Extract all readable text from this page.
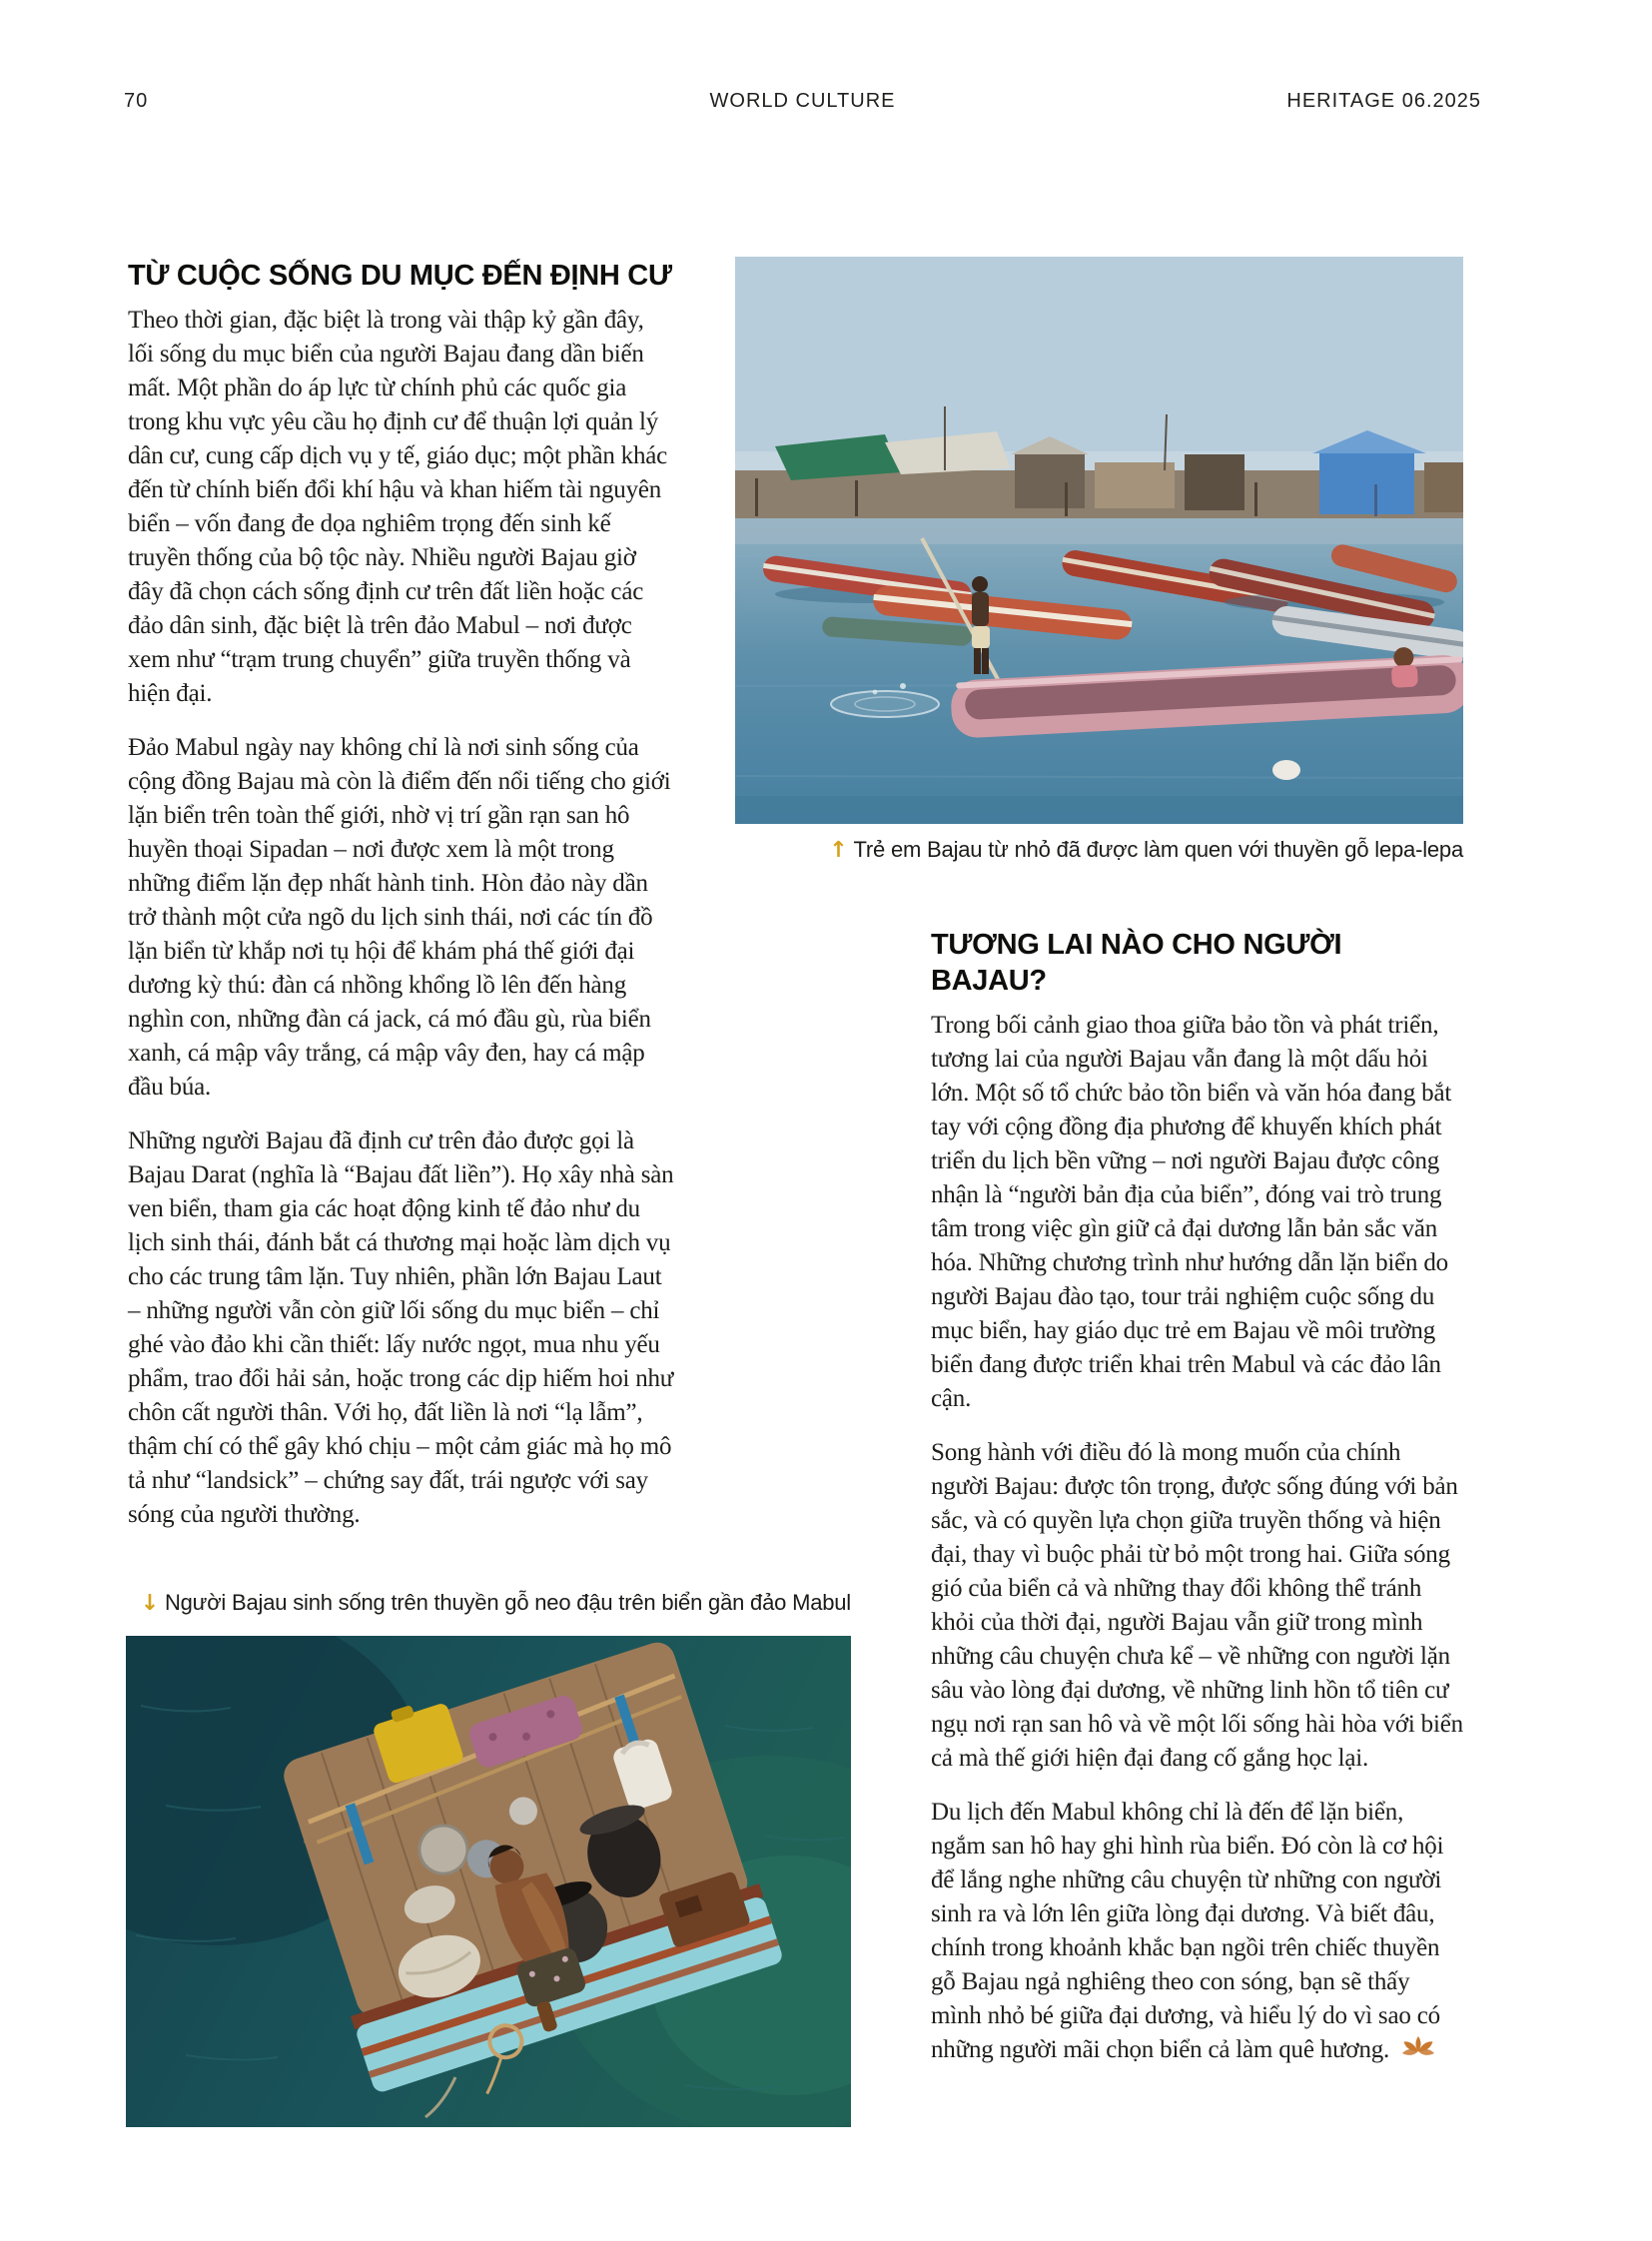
70	WORLD CULTURE	HERITAGE 06.2025
↑ Trẻ em Bajau từ nhỏ đã được làm quen với thuyền gỗ lepa-lepa
TỪ CUỘC SỐNG DU MỤC ĐẾN ĐỊNH CƯ

Theo thời gian, đặc biệt là trong vài thập kỷ gần đây, lối sống du mục biển của người Bajau đang dần biến mất. Một phần do áp lực từ chính phủ các quốc gia trong khu vực yêu cầu họ định cư để thuận lợi quản lý dân cư, cung cấp dịch vụ y tế, giáo dục; một phần khác đến từ chính biến đổi khí hậu và khan hiếm tài nguyên biển – vốn đang đe dọa nghiêm trọng đến sinh kế truyền thống của bộ tộc này. Nhiều người Bajau giờ đây đã chọn cách sống định cư trên đất liền hoặc các đảo dân sinh, đặc biệt là trên đảo Mabul – nơi được xem như “trạm trung chuyển” giữa truyền thống và hiện đại.

Đảo Mabul ngày nay không chỉ là nơi sinh sống của cộng đồng Bajau mà còn là điểm đến nổi tiếng cho giới lặn biển trên toàn thế giới, nhờ vị trí gần rạn san hô huyền thoại Sipadan – nơi được xem là một trong những điểm lặn đẹp nhất hành tinh. Hòn đảo này dần trở thành một cửa ngõ du lịch sinh thái, nơi các tín đồ lặn biển từ khắp nơi tụ hội để khám phá thế giới đại dương kỳ thú: đàn cá nhồng khổng lồ lên đến hàng nghìn con, những đàn cá jack, cá mó đầu gù, rùa biển xanh, cá mập vây trắng, cá mập vây đen, hay cá mập đầu búa.

Những người Bajau đã định cư trên đảo được gọi là Bajau Darat (nghĩa là “Bajau đất liền”). Họ xây nhà sàn ven biển, tham gia các hoạt động kinh tế đảo như du lịch sinh thái, đánh bắt cá thương mại hoặc làm dịch vụ cho các trung tâm lặn. Tuy nhiên, phần lớn Bajau Laut – những người vẫn còn giữ lối sống du mục biển – chỉ ghé vào đảo khi cần thiết: lấy nước ngọt, mua nhu yếu phẩm, trao đổi hải sản, hoặc trong các dịp hiếm hoi như chôn cất người thân. Với họ, đất liền là nơi “lạ lẫm”, thậm chí có thể gây khó chịu – một cảm giác mà họ mô tả như “landsick” – chứng say đất, trái ngược với say sóng của người thường.

↓ Người Bajau sinh sống trên thuyền gỗ neo đậu trên biển gần đảo Mabul
TƯƠNG LAI NÀO CHO NGƯỜI BAJAU?

Trong bối cảnh giao thoa giữa bảo tồn và phát triển, tương lai của người Bajau vẫn đang là một dấu hỏi lớn. Một số tổ chức bảo tồn biển và văn hóa đang bắt tay với cộng đồng địa phương để khuyến khích phát triển du lịch bền vững – nơi người Bajau được công nhận là “người bản địa của biển”, đóng vai trò trung tâm trong việc gìn giữ cả đại dương lẫn bản sắc văn hóa. Những chương trình như hướng dẫn lặn biển do người Bajau đào tạo, tour trải nghiệm cuộc sống du mục biển, hay giáo dục trẻ em Bajau về môi trường biển đang được triển khai trên Mabul và các đảo lân cận.

Song hành với điều đó là mong muốn của chính người Bajau: được tôn trọng, được sống đúng với bản sắc, và có quyền lựa chọn giữa truyền thống và hiện đại, thay vì buộc phải từ bỏ một trong hai. Giữa sóng gió của biển cả và những thay đổi không thể tránh khỏi của thời đại, người Bajau vẫn giữ trong mình những câu chuyện chưa kể – về những con người lặn sâu vào lòng đại dương, về những linh hồn tổ tiên cư ngụ nơi rạn san hô và về một lối sống hài hòa với biển cả mà thế giới hiện đại đang cố gắng học lại.

Du lịch đến Mabul không chỉ là đến để lặn biển, ngắm san hô hay ghi hình rùa biển. Đó còn là cơ hội để lắng nghe những câu chuyện từ những con người sinh ra và lớn lên giữa lòng đại dương. Và biết đâu, chính trong khoảnh khắc bạn ngồi trên chiếc thuyền gỗ Bajau ngả nghiêng theo con sóng, bạn sẽ thấy mình nhỏ bé giữa đại dương, và hiểu lý do vì sao có những người mãi chọn biển cả làm quê hương.
